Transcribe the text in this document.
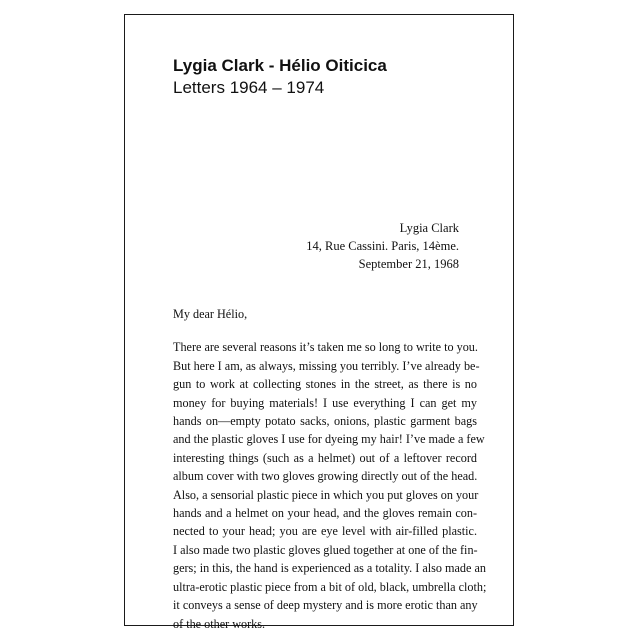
Lygia Clark - Hélio Oiticica
Letters 1964 – 1974
Lygia Clark
14, Rue Cassini. Paris, 14ème.
September 21, 1968
My dear Hélio,
There are several reasons it’s taken me so long to write to you.
But here I am, as always, missing you terribly. I’ve already be-
gun to work at collecting stones in the street, as there is no
money for buying materials! I use everything I can get my
hands on—empty potato sacks, onions, plastic garment bags
and the plastic gloves I use for dyeing my hair! I’ve made a few
interesting things (such as a helmet) out of a leftover record
album cover with two gloves growing directly out of the head.
Also, a sensorial plastic piece in which you put gloves on your
hands and a helmet on your head, and the gloves remain con-
nected to your head; you are eye level with air-filled plastic.
I also made two plastic gloves glued together at one of the fin-
gers; in this, the hand is experienced as a totality. I also made an
ultra-erotic plastic piece from a bit of old, black, umbrella cloth;
it conveys a sense of deep mystery and is more erotic than any
of the other works.
